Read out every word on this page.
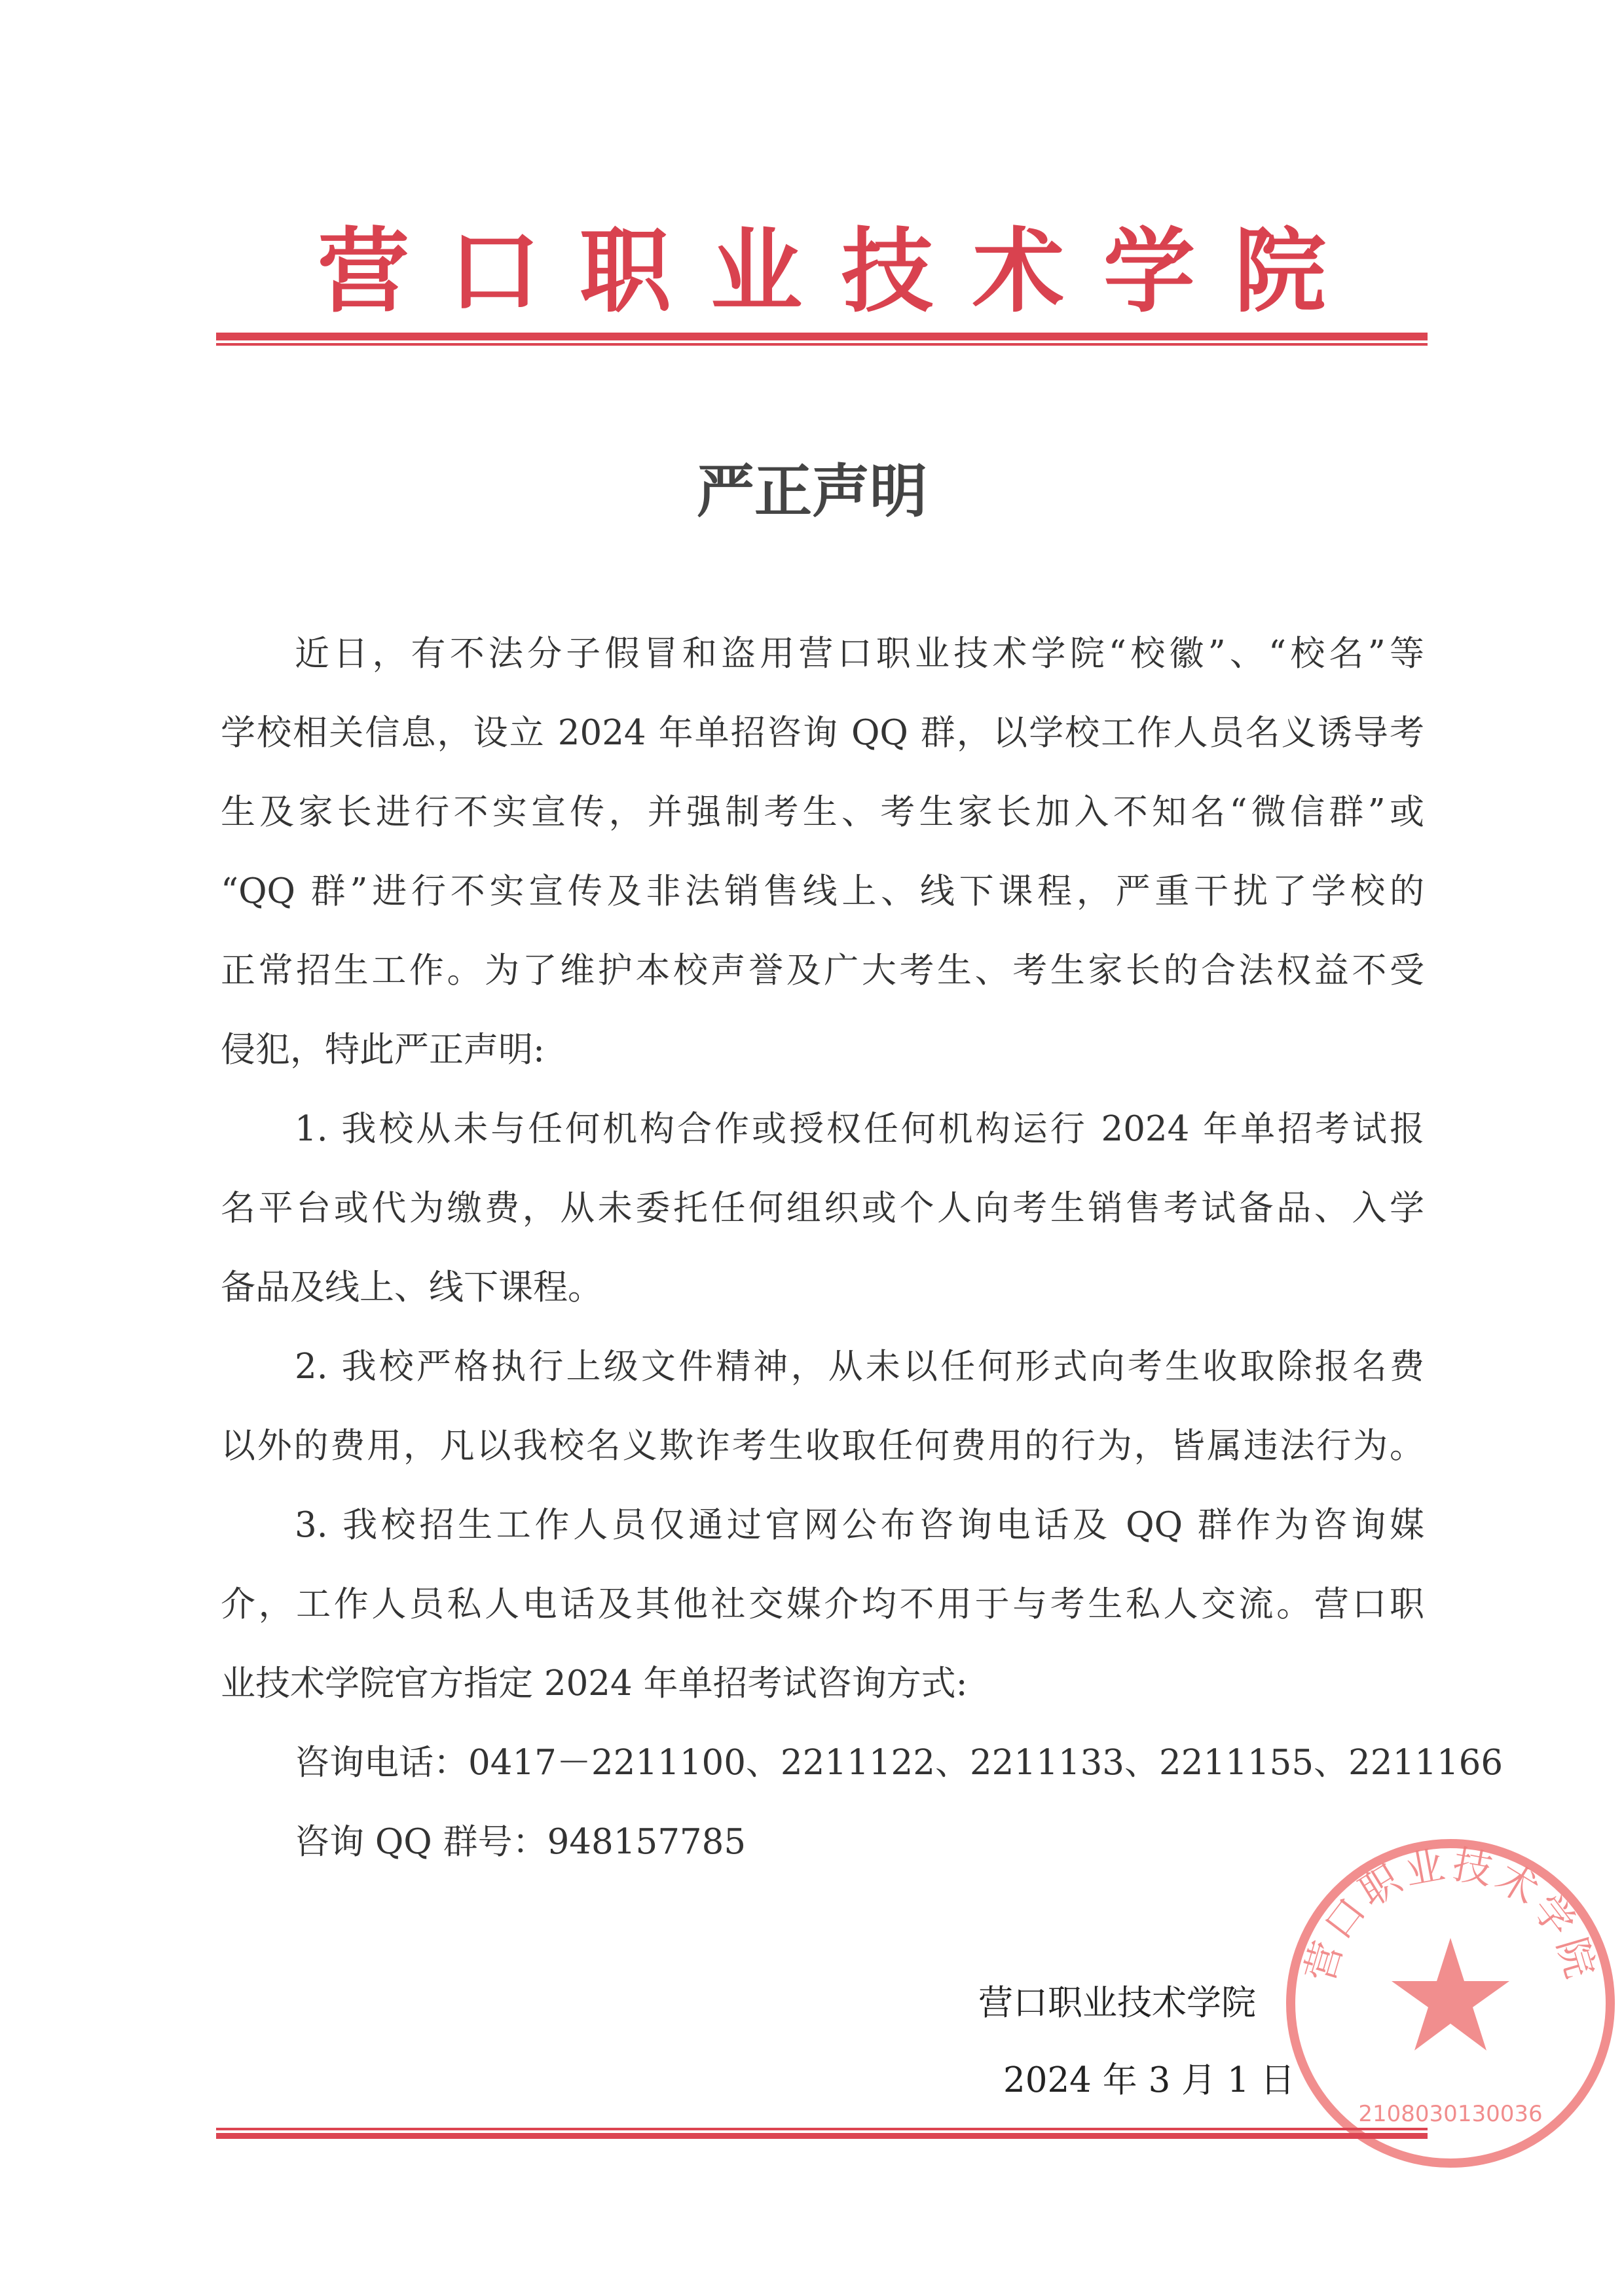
营口职业技术学院
严正声明
近日，有不法分子假冒和盗用营口职业技术学院“校徽”、“校名”等
学校相关信息，设立 2024 年单招咨询 QQ 群，以学校工作人员名义诱导考
生及家长进行不实宣传，并强制考生、考生家长加入不知名“微信群”或
“QQ 群”进行不实宣传及非法销售线上、线下课程，严重干扰了学校的
正常招生工作。为了维护本校声誉及广大考生、考生家长的合法权益不受
侵犯，特此严正声明:
1. 我校从未与任何机构合作或授权任何机构运行 2024 年单招考试报
名平台或代为缴费，从未委托任何组织或个人向考生销售考试备品、入学
备品及线上、线下课程。
2. 我校严格执行上级文件精神，从未以任何形式向考生收取除报名费
以外的费用，凡以我校名义欺诈考生收取任何费用的行为，皆属违法行为。
3. 我校招生工作人员仅通过官网公布咨询电话及 QQ 群作为咨询媒
介，工作人员私人电话及其他社交媒介均不用于与考生私人交流。营口职
业技术学院官方指定 2024 年单招考试咨询方式:
咨询电话：0417－2211100、2211122、2211133、2211155、2211166
咨询 QQ 群号：948157785
营口职业技术学院
2108030130036
营口职业技术学院
2024 年 3 月 1 日
